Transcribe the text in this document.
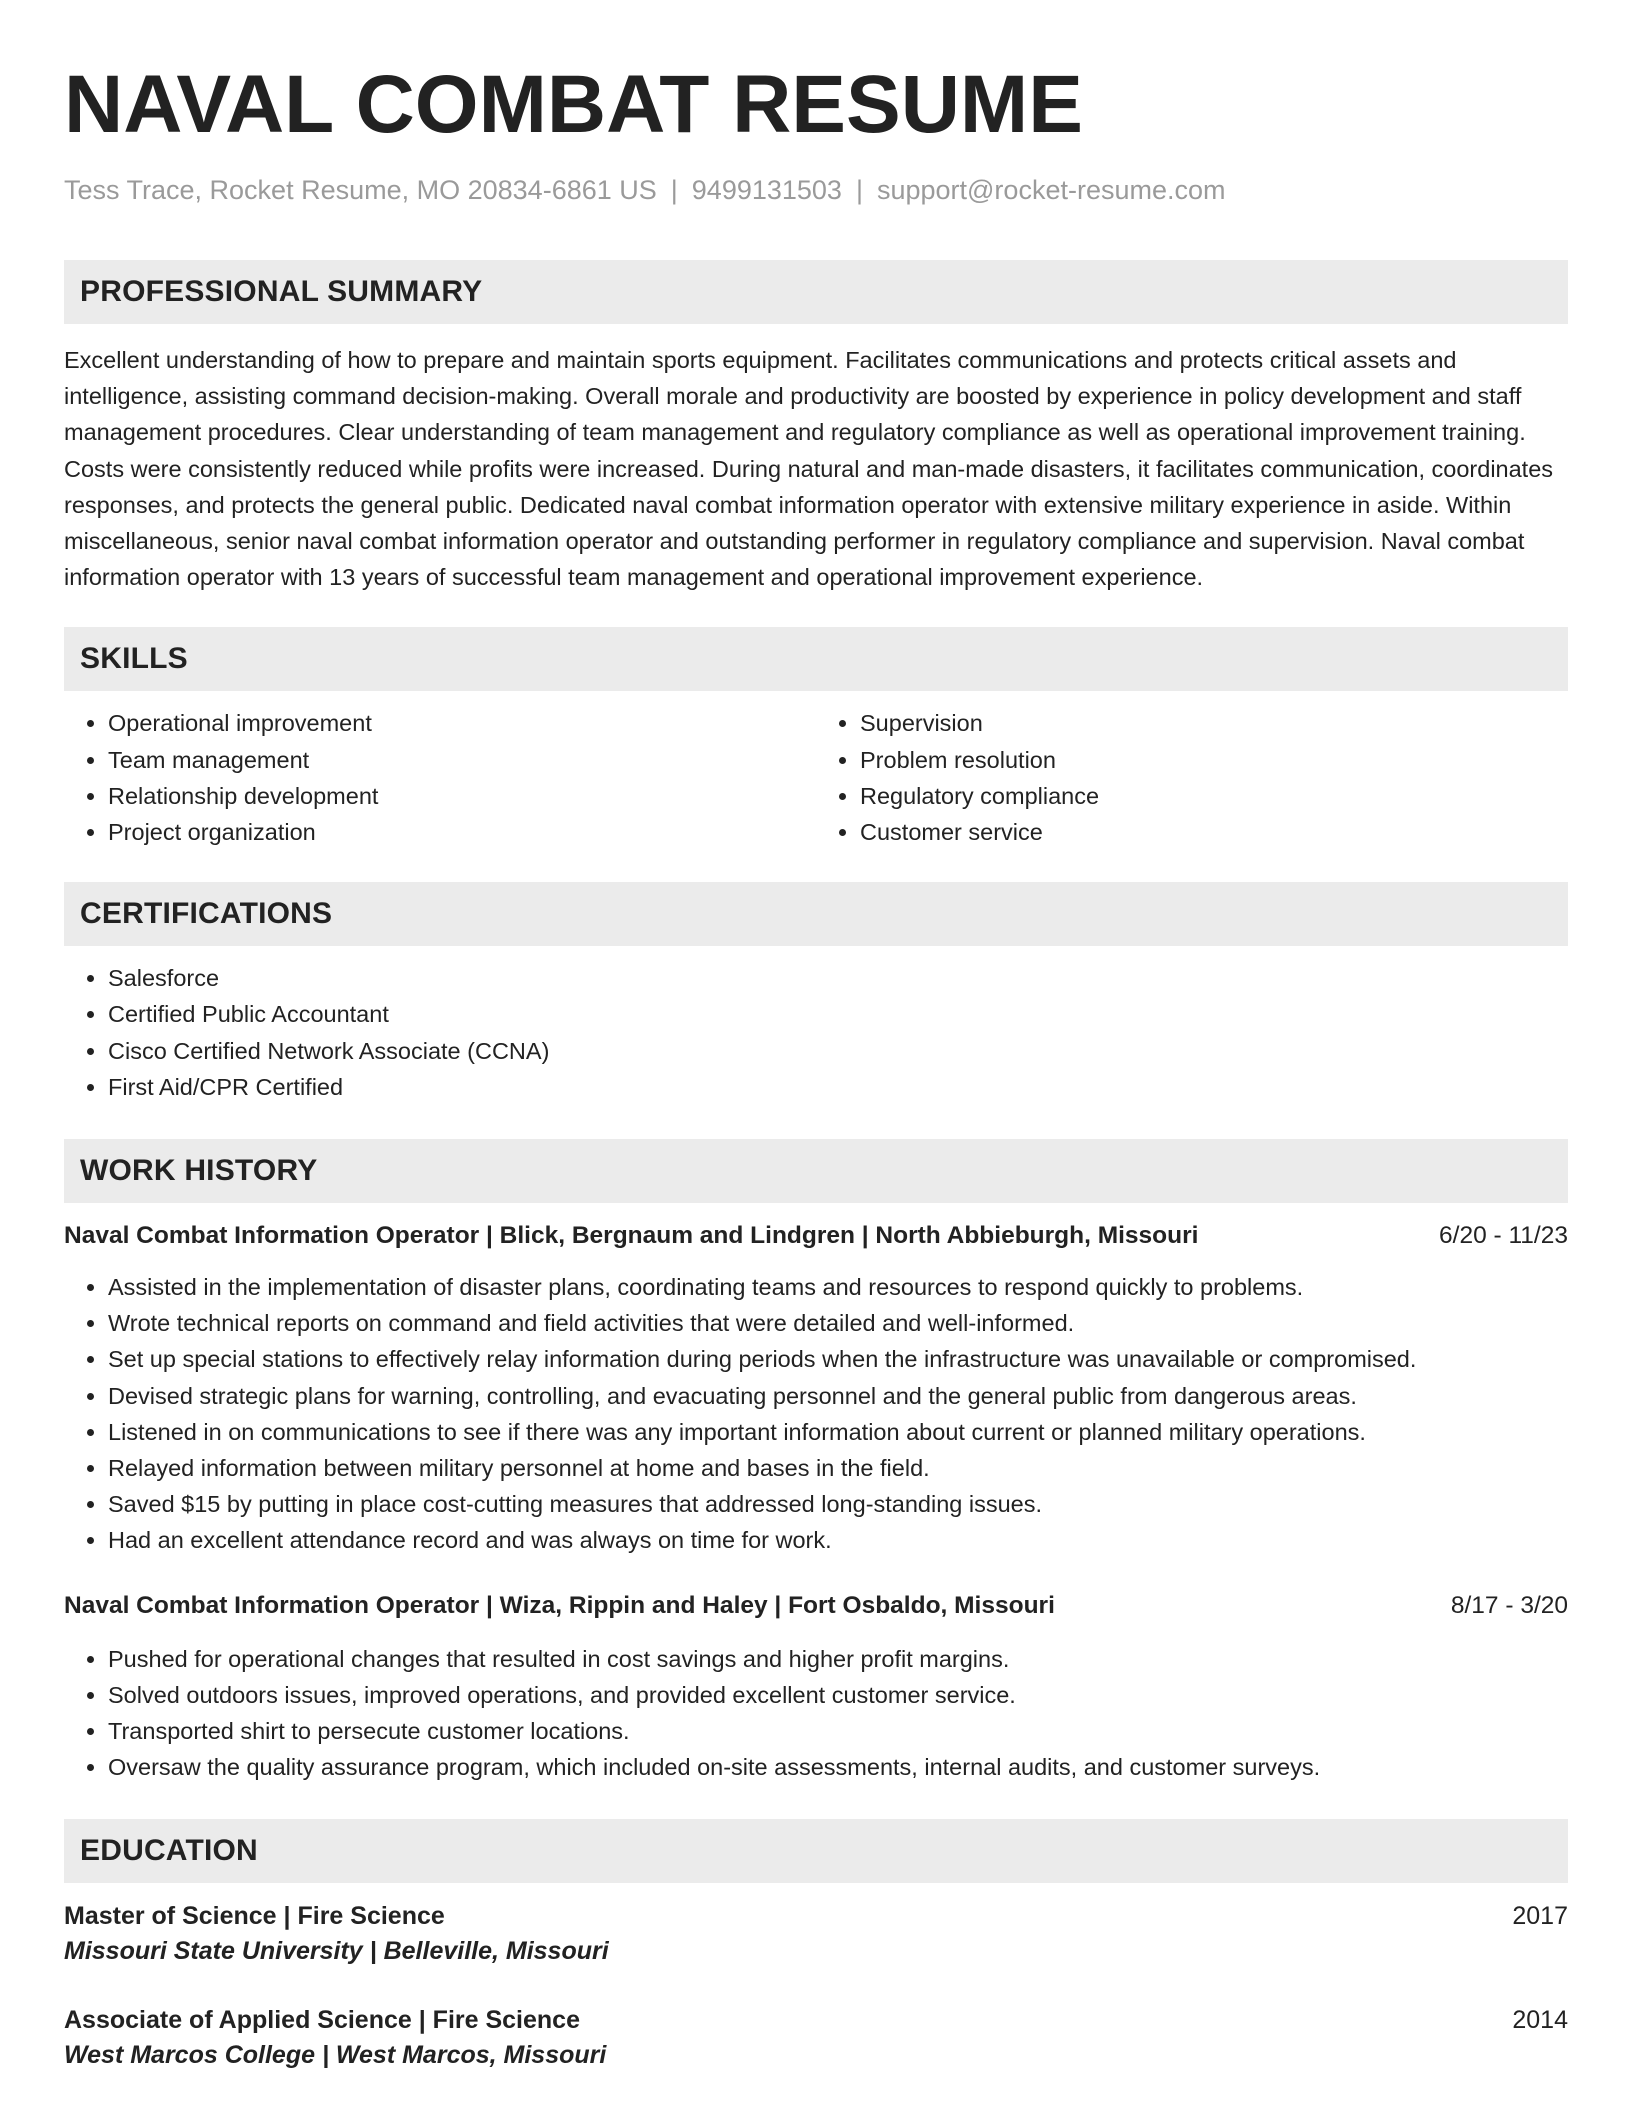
NAVAL COMBAT RESUME
Tess Trace, Rocket Resume, MO 20834-6861 US | 9499131503 | support@rocket-resume.com
PROFESSIONAL SUMMARY

Excellent understanding of how to prepare and maintain sports equipment. Facilitates communications and protects critical assets and intelligence, assisting command decision-making. Overall morale and productivity are boosted by experience in policy development and staff management procedures. Clear understanding of team management and regulatory compliance as well as operational improvement training. Costs were consistently reduced while profits were increased. During natural and man-made disasters, it facilitates communication, coordinates responses, and protects the general public. Dedicated naval combat information operator with extensive military experience in aside. Within miscellaneous, senior naval combat information operator and outstanding performer in regulatory compliance and supervision. Naval combat information operator with 13 years of successful team management and operational improvement experience.

SKILLS
• Operational improvement
• Team management
• Relationship development
• Project organization
• Supervision
• Problem resolution
• Regulatory compliance
• Customer service
CERTIFICATIONS
• Salesforce
• Certified Public Accountant
• Cisco Certified Network Associate (CCNA)
• First Aid/CPR Certified
WORK HISTORY
Naval Combat Information Operator | Blick, Bergnaum and Lindgren | North Abbieburgh, Missouri	6/20 - 11/23
• Assisted in the implementation of disaster plans, coordinating teams and resources to respond quickly to problems.
• Wrote technical reports on command and field activities that were detailed and well-informed.
• Set up special stations to effectively relay information during periods when the infrastructure was unavailable or compromised.
• Devised strategic plans for warning, controlling, and evacuating personnel and the general public from dangerous areas.
• Listened in on communications to see if there was any important information about current or planned military operations.
• Relayed information between military personnel at home and bases in the field.
• Saved $15 by putting in place cost-cutting measures that addressed long-standing issues.
• Had an excellent attendance record and was always on time for work.
Naval Combat Information Operator | Wiza, Rippin and Haley | Fort Osbaldo, Missouri	8/17 - 3/20
• Pushed for operational changes that resulted in cost savings and higher profit margins.
• Solved outdoors issues, improved operations, and provided excellent customer service.
• Transported shirt to persecute customer locations.
• Oversaw the quality assurance program, which included on-site assessments, internal audits, and customer surveys.
EDUCATION
Master of Science | Fire Science	2017
Missouri State University | Belleville, Missouri
Associate of Applied Science | Fire Science	2014
West Marcos College | West Marcos, Missouri
